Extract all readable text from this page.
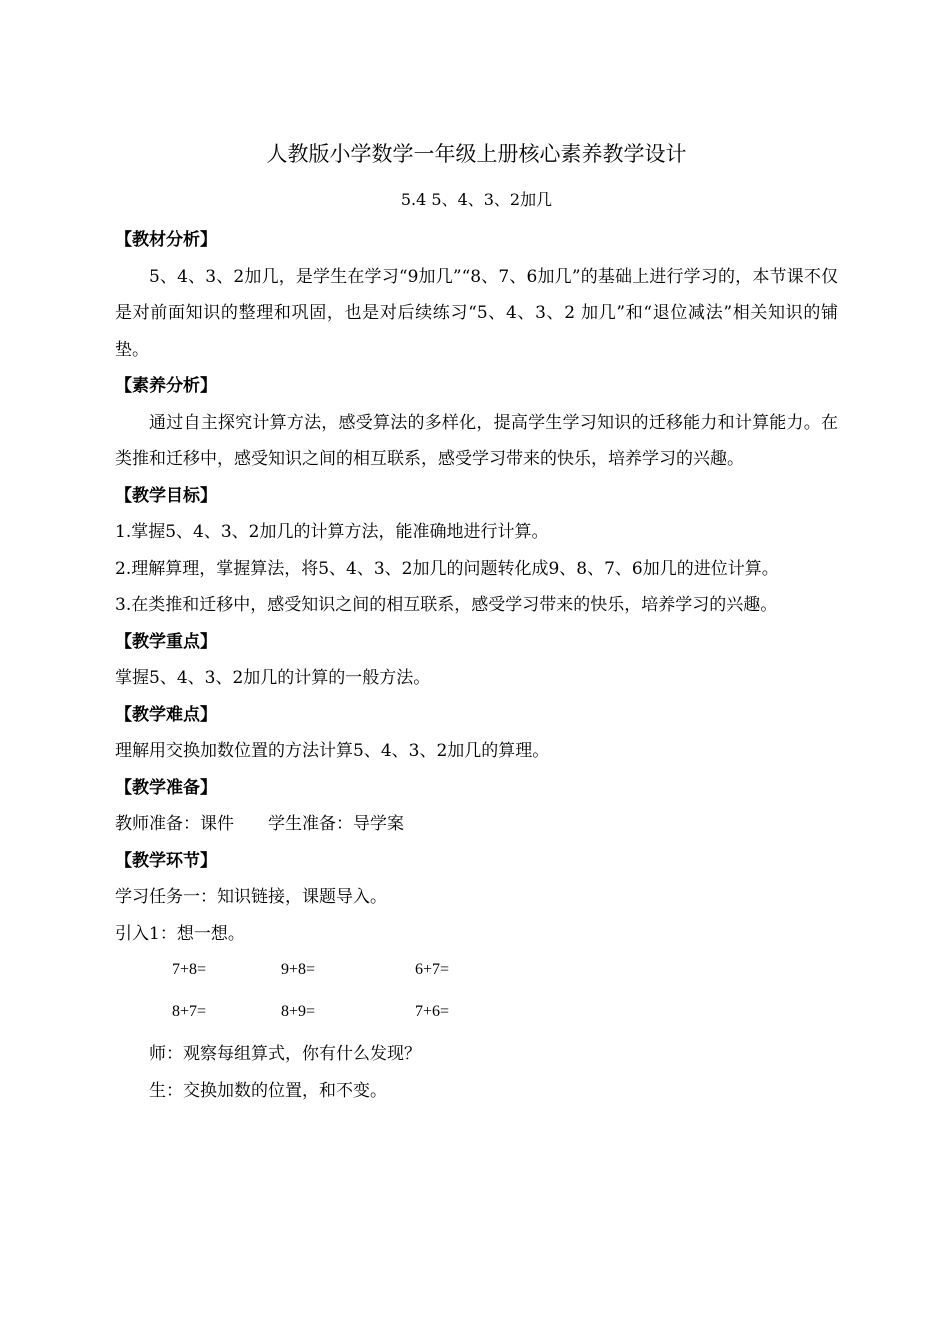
人教版小学数学一年级上册核心素养教学设计
5.4 5、4、3、2加几

【教材分析】

5、4、3、2加几，是学生在学习“9加几”“8、7、6加几”的基础上进行学习的，本节课不仅是对前面知识的整理和巩固，也是对后续练习“5、4、3、2 加几”和“退位减法”相关知识的铺垫。

【素养分析】

通过自主探究计算方法，感受算法的多样化，提高学生学习知识的迁移能力和计算能力。在类推和迁移中，感受知识之间的相互联系，感受学习带来的快乐，培养学习的兴趣。

【教学目标】

1.掌握5、4、3、2加几的计算方法，能准确地进行计算。

2.理解算理，掌握算法，将5、4、3、2加几的问题转化成9、8、7、6加几的进位计算。

3.在类推和迁移中，感受知识之间的相互联系，感受学习带来的快乐，培养学习的兴趣。

【教学重点】

掌握5、4、3、2加几的计算的一般方法。

【教学难点】

理解用交换加数位置的方法计算5、4、3、2加几的算理。

【教学准备】

教师准备：课件 学生准备：导学案

【教学环节】

学习任务一：知识链接，课题导入。

引入1：想一想。

7+8=	9+8=	6+7=
8+7=	8+9=	7+6=

师：观察每组算式，你有什么发现？

生：交换加数的位置，和不变。
